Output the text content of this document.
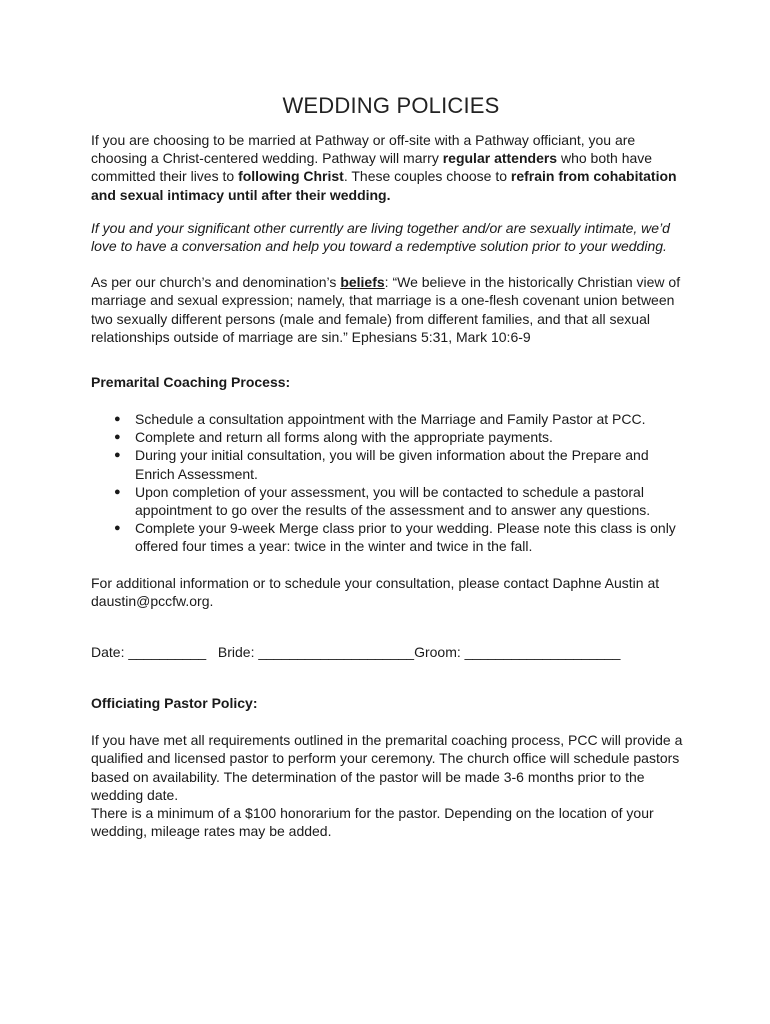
WEDDING POLICIES

If you are choosing to be married at Pathway or off-site with a Pathway officiant, you are choosing a Christ-centered wedding. Pathway will marry regular attenders who both have committed their lives to following Christ. These couples choose to refrain from cohabitation and sexual intimacy until after their wedding.

If you and your significant other currently are living together and/or are sexually intimate, we’d love to have a conversation and help you toward a redemptive solution prior to your wedding.

As per our church’s and denomination’s beliefs: “We believe in the historically Christian view of marriage and sexual expression; namely, that marriage is a one-flesh covenant union between two sexually different persons (male and female) from different families, and that all sexual relationships outside of marriage are sin.” Ephesians 5:31, Mark 10:6-9

Premarital Coaching Process:
● Schedule a consultation appointment with the Marriage and Family Pastor at PCC.
● Complete and return all forms along with the appropriate payments.
● During your initial consultation, you will be given information about the Prepare and Enrich Assessment.
● Upon completion of your assessment, you will be contacted to schedule a pastoral appointment to go over the results of the assessment and to answer any questions.
● Complete your 9-week Merge class prior to your wedding. Please note this class is only offered four times a year: twice in the winter and twice in the fall.

For additional information or to schedule your consultation, please contact Daphne Austin at daustin@pccfw.org.

Date: __________   Bride: ____________________Groom: ____________________

Officiating Pastor Policy:

If you have met all requirements outlined in the premarital coaching process, PCC will provide a qualified and licensed pastor to perform your ceremony. The church office will schedule pastors based on availability. The determination of the pastor will be made 3-6 months prior to the wedding date.

There is a minimum of a $100 honorarium for the pastor. Depending on the location of your wedding, mileage rates may be added.
